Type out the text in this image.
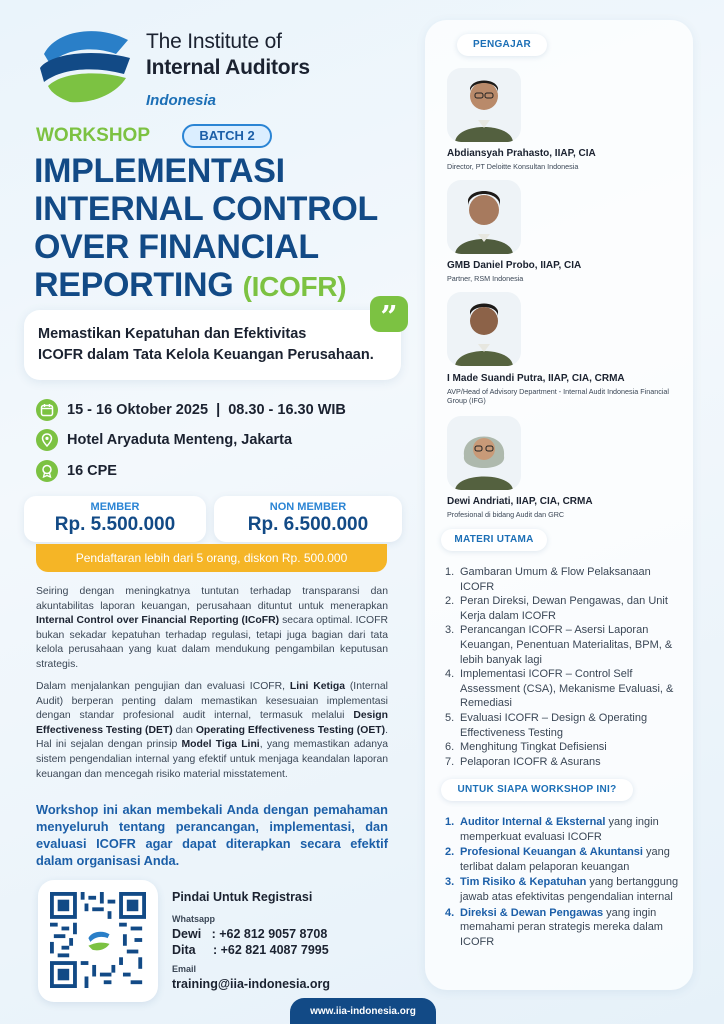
The Institute of
Internal Auditors
Indonesia
WORKSHOP	BATCH 2
IMPLEMENTASI
INTERNAL CONTROL
OVER FINANCIAL
REPORTING (ICOFR)
Memastikan Kepatuhan dan Efektivitas
ICOFR dalam Tata Kelola Keuangan Perusahaan.
”
15 - 16 Oktober 2025  |  08.30 - 16.30 WIB
Hotel Aryaduta Menteng, Jakarta
16 CPE
MEMBER
Rp. 5.500.000
NON MEMBER
Rp. 6.500.000
Pendaftaran lebih dari 5 orang, diskon Rp. 500.000
Seiring dengan meningkatnya tuntutan terhadap transparansi dan akuntabilitas laporan keuangan, perusahaan dituntut untuk menerapkan Internal Control over Financial Reporting (ICoFR) secara optimal. ICOFR bukan sekadar kepatuhan terhadap regulasi, tetapi juga bagian dari tata kelola perusahaan yang kuat dalam mendukung pengambilan keputusan strategis.
Dalam menjalankan pengujian dan evaluasi ICOFR, Lini Ketiga (Internal Audit) berperan penting dalam memastikan kesesuaian implementasi dengan standar profesional audit internal, termasuk melalui Design Effectiveness Testing (DET) dan Operating Effectiveness Testing (OET). Hal ini sejalan dengan prinsip Model Tiga Lini, yang memastikan adanya sistem pengendalian internal yang efektif untuk menjaga keandalan laporan keuangan dan mencegah risiko material misstatement.
Workshop ini akan membekali Anda dengan pemahaman menyeluruh tentang perancangan, implementasi, dan evaluasi ICOFR agar dapat diterapkan secara efektif dalam organisasi Anda.
Pindai Untuk Registrasi
Whatsapp
Dewi   : +62 812 9057 8708
Dita     : +62 821 4087 7995
Email
training@iia-indonesia.org
www.iia-indonesia.org
PENGAJAR
Abdiansyah Prahasto, IIAP, CIA
Director, PT Deloitte Konsultan Indonesia
GMB Daniel Probo, IIAP, CIA
Partner, RSM Indonesia
I Made Suandi Putra, IIAP, CIA, CRMA
AVP/Head of Advisory Department - Internal Audit Indonesia Financial Group (IFG)
Dewi Andriati, IIAP, CIA, CRMA
Profesional di bidang Audit dan GRC
MATERI UTAMA
1. Gambaran Umum & Flow Pelaksanaan ICOFR
2. Peran Direksi, Dewan Pengawas, dan Unit Kerja dalam ICOFR
3. Perancangan ICOFR – Asersi Laporan Keuangan, Penentuan Materialitas, BPM, & lebih banyak lagi
4. Implementasi ICOFR – Control Self Assessment (CSA), Mekanisme Evaluasi, & Remediasi
5. Evaluasi ICOFR – Design & Operating Effectiveness Testing
6. Menghitung Tingkat Defisiensi
7. Pelaporan ICOFR & Asurans
UNTUK SIAPA WORKSHOP INI?
1. Auditor Internal & Eksternal yang ingin memperkuat evaluasi ICOFR
2. Profesional Keuangan & Akuntansi yang terlibat dalam pelaporan keuangan
3. Tim Risiko & Kepatuhan yang bertanggung jawab atas efektivitas pengendalian internal
4. Direksi & Dewan Pengawas yang ingin memahami peran strategis mereka dalam ICOFR
